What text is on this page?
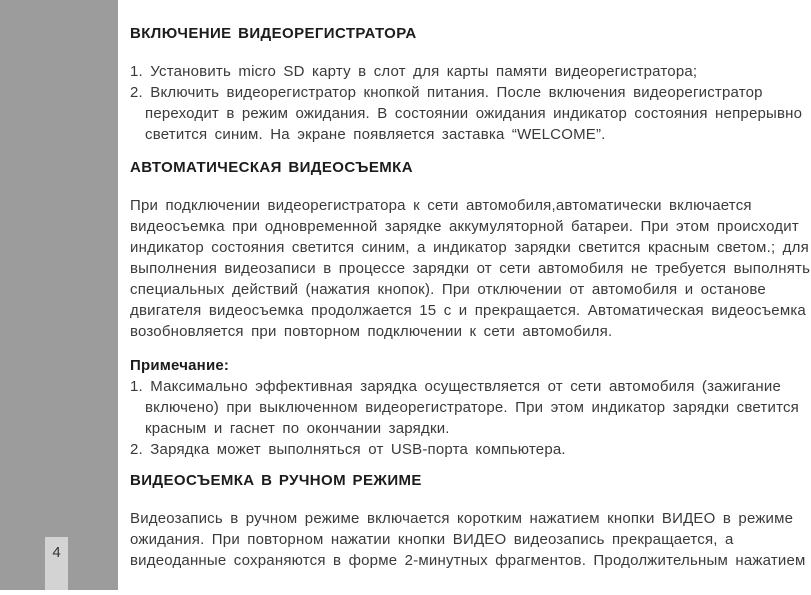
4
ВКЛЮЧЕНИЕ ВИДЕОРЕГИСТРАТОРА
1. Установить micro SD карту в слот для карты памяти видеорегистратора;
2. Включить видеорегистратор кнопкой питания. После включения видеорегистратор
переходит в режим ожидания. В состоянии ожидания индикатор состояния непрерывно
светится синим. На экране появляется заставка “WELCOME”.
АВТОМАТИЧЕСКАЯ ВИДЕОСЪЕМКА
При подключении видеорегистратора к сети автомобиля,автоматически включается
видеосъемка при одновременной зарядке аккумуляторной батареи. При этом происходит
индикатор состояния светится синим, а индикатор зарядки светится красным светом.; для
выполнения видеозаписи в процессе зарядки от сети автомобиля не требуется выполнять
специальных действий (нажатия кнопок). При отключении от автомобиля и останове
двигателя видеосъемка продолжается 15 с и прекращается. Автоматическая видеосъемка
возобновляется при повторном подключении к сети автомобиля.
Примечание:
1. Максимально эффективная зарядка осуществляется от сети автомобиля (зажигание
включено) при выключенном видеорегистраторе. При этом индикатор зарядки светится
красным и гаснет по окончании зарядки.
2. Зарядка может выполняться от USB-порта компьютера.
ВИДЕОСЪЕМКА В РУЧНОМ РЕЖИМЕ
Видеозапись в ручном режиме включается коротким нажатием кнопки ВИДЕО в режиме
ожидания. При повторном нажатии кнопки ВИДЕО видеозапись прекращается, а
видеоданные сохраняются в форме 2-минутных фрагментов. Продолжительным нажатием
